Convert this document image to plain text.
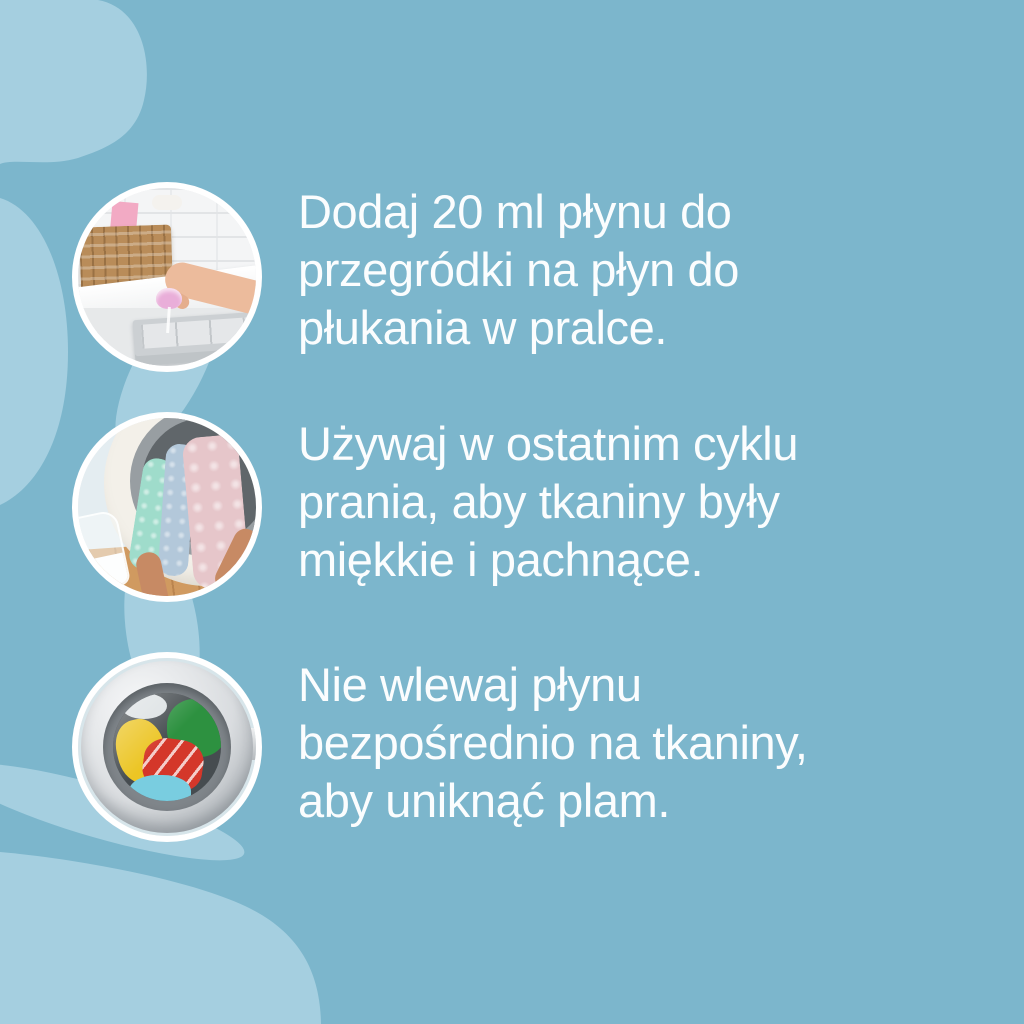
Dodaj 20 ml płynu do
przegródki na płyn do
płukania w pralce.
Używaj w ostatnim cyklu
prania, aby tkaniny były
miękkie i pachnące.
Nie wlewaj płynu
bezpośrednio na tkaniny,
aby uniknąć plam.
